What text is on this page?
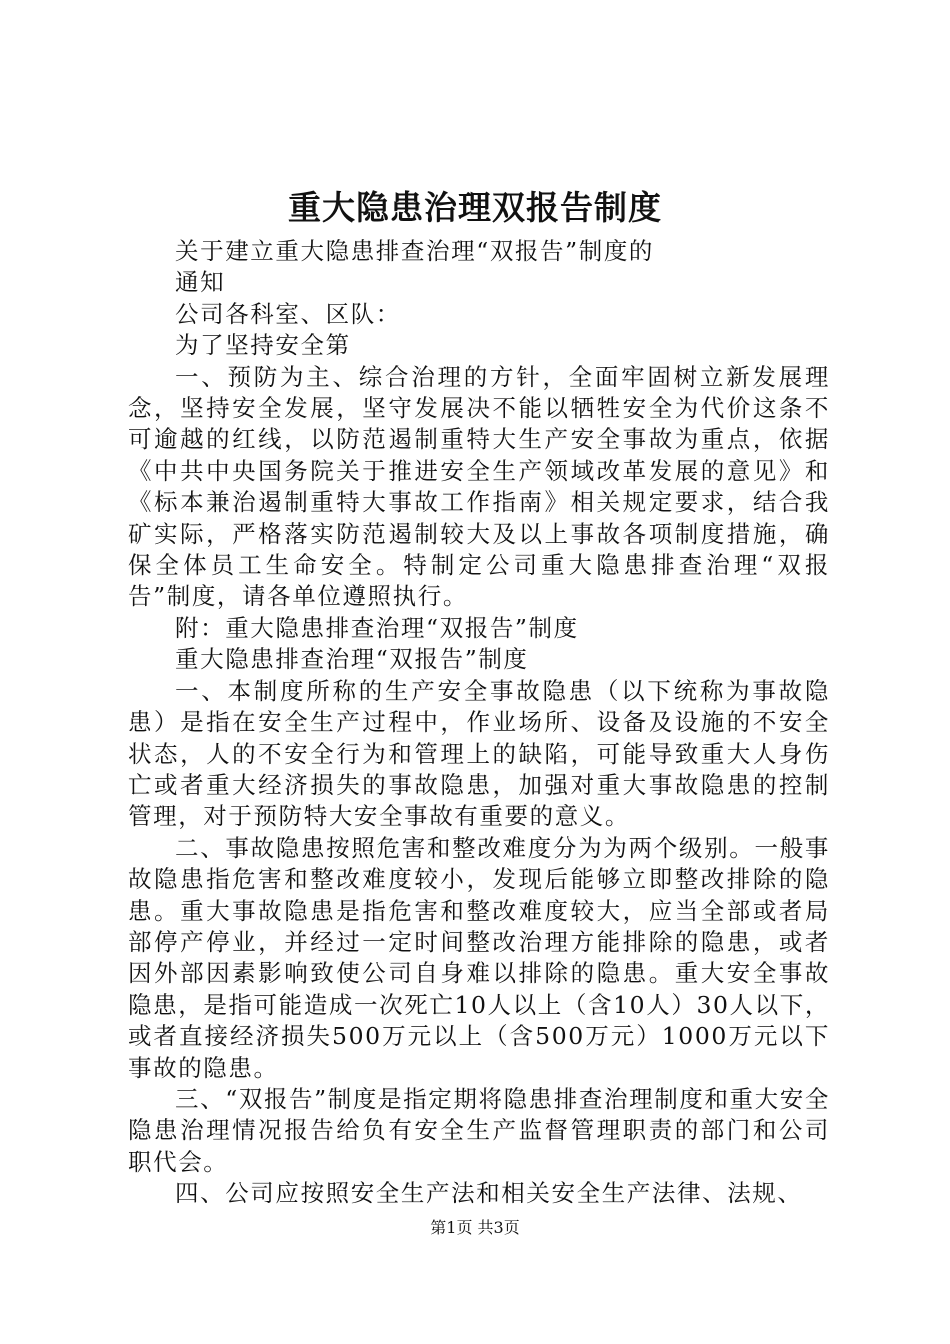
重大隐患治理双报告制度

关于建立重大隐患排查治理“双报告”制度的

通知

公司各科室、区队：

为了坚持安全第

一、预防为主、综合治理的方针，全面牢固树立新发展理念，坚持安全发展，坚守发展决不能以牺牲安全为代价这条不可逾越的红线，以防范遏制重特大生产安全事故为重点，依据《中共中央国务院关于推进安全生产领域改革发展的意见》和《标本兼治遏制重特大事故工作指南》相关规定要求，结合我矿实际，严格落实防范遏制较大及以上事故各项制度措施，确保全体员工生命安全。特制定公司重大隐患排查治理“双报告”制度，请各单位遵照执行。

附：重大隐患排查治理“双报告”制度

重大隐患排查治理“双报告”制度

一、本制度所称的生产安全事故隐患（以下统称为事故隐患）是指在安全生产过程中，作业场所、设备及设施的不安全状态，人的不安全行为和管理上的缺陷，可能导致重大人身伤亡或者重大经济损失的事故隐患，加强对重大事故隐患的控制管理，对于预防特大安全事故有重要的意义。

二、事故隐患按照危害和整改难度分为为两个级别。一般事故隐患指危害和整改难度较小，发现后能够立即整改排除的隐患。重大事故隐患是指危害和整改难度较大，应当全部或者局部停产停业，并经过一定时间整改治理方能排除的隐患，或者因外部因素影响致使公司自身难以排除的隐患。重大安全事故隐患，是指可能造成一次死亡10人以上（含10人）30人以下，或者直接经济损失500万元以上（含500万元）1000万元以下事故的隐患。

三、“双报告”制度是指定期将隐患排查治理制度和重大安全隐患治理情况报告给负有安全生产监督管理职责的部门和公司职代会。

四、公司应按照安全生产法和相关安全生产法律、法规、

第1页 共3页
